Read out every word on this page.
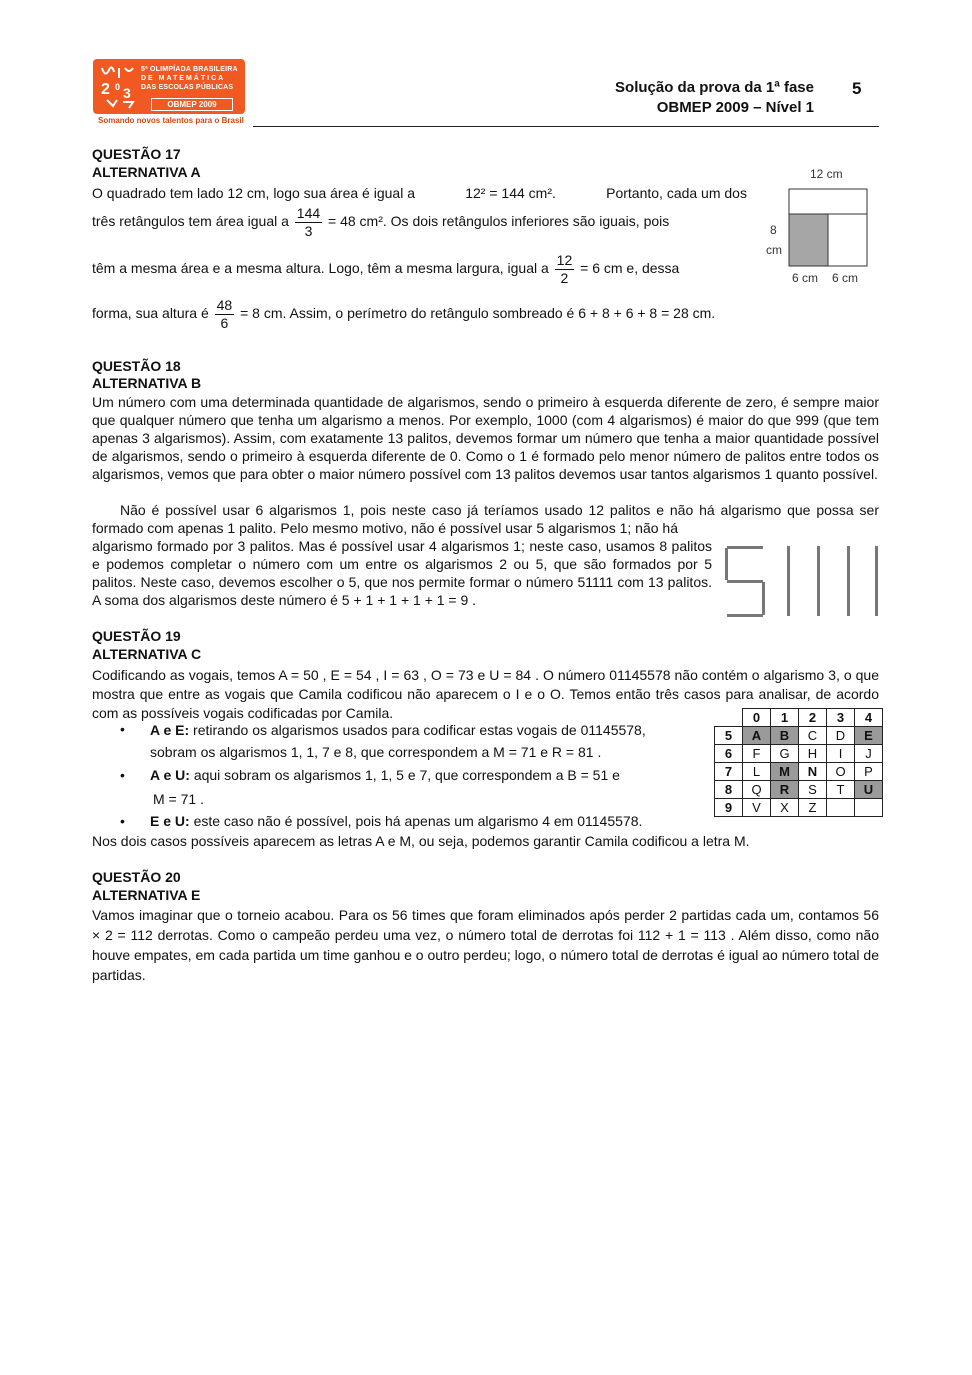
2 0 3
5ª OLIMPÍADA BRASILEIRA
DE MATEMÁTICA
DAS ESCOLAS PÚBLICAS
OBMEP 2009
Somando novos talentos para o Brasil
Solução da prova da 1ª fase
OBMEP 2009 – Nível 1
5
QUESTÃO 17
ALTERNATIVA A
O quadrado tem lado 12 cm, logo sua área é igual a	12² = 144 cm².	Portanto, cada um dos
três retângulos tem área igual a $\frac{144}{3} = 48$ cm². Os dois retângulos inferiores são iguais, pois
têm a mesma área e a mesma altura. Logo, têm a mesma largura, igual a $\frac{12}{2} = 6$ cm e, dessa
forma, sua altura é $\frac{48}{6} = 8$ cm. Assim, o perímetro do retângulo sombreado é 6 + 8 + 6 + 8 = 28 cm.
12 cm
8
cm
6 cm 6 cm
QUESTÃO 18
ALTERNATIVA B
Um número com uma determinada quantidade de algarismos, sendo o primeiro à esquerda diferente de zero, é sempre maior que qualquer número que tenha um algarismo a menos. Por exemplo, 1000 (com 4 algarismos) é maior do que 999 (que tem apenas 3 algarismos). Assim, com exatamente 13 palitos, devemos formar um número que tenha a maior quantidade possível de algarismos, sendo o primeiro à esquerda diferente de 0. Como o 1 é formado pelo menor número de palitos entre todos os algarismos, vemos que para obter o maior número possível com 13 palitos devemos usar tantos algarismos 1 quanto possível.
Não é possível usar 6 algarismos 1, pois neste caso já teríamos usado 12 palitos e não há algarismo que possa ser formado com apenas 1 palito. Pelo mesmo motivo, não é possível usar 5 algarismos 1; não há
algarismo formado por 3 palitos. Mas é possível usar 4 algarismos 1; neste caso, usamos 8 palitos e podemos completar o número com um entre os algarismos 2 ou 5, que são formados por 5 palitos. Neste caso, devemos escolher o 5, que nos permite formar o número 51111 com 13 palitos. A soma dos algarismos deste número é 5 + 1 + 1 + 1 + 1 = 9 .
QUESTÃO 19
ALTERNATIVA C
Codificando as vogais, temos A = 50 , E = 54 , I = 63 , O = 73 e U = 84 . O número 01145578 não contém o algarismo 3, o que mostra que entre as vogais que Camila codificou não aparecem o I e o O. Temos então três casos para analisar, de acordo com as possíveis vogais codificadas por Camila.
• A e E: retirando os algarismos usados para codificar estas vogais de 01145578,
sobram os algarismos 1, 1, 7 e 8, que correspondem a M = 71 e R = 81 .
• A e U: aqui sobram os algarismos 1, 1, 5 e 7, que correspondem a B = 51 e
M = 71 .
• E e U: este caso não é possível, pois há apenas um algarismo 4 em 01145578.
Nos dois casos possíveis aparecem as letras A e M, ou seja, podemos garantir Camila codificou a letra M.
	0	1	2	3	4
5	A	B	C	D	E
6	F	G	H	I	J
7	L	M	N	O	P
8	Q	R	S	T	U
9	V	X	Z		
QUESTÃO 20
ALTERNATIVA E
Vamos imaginar que o torneio acabou. Para os 56 times que foram eliminados após perder 2 partidas cada um, contamos 56 × 2 = 112 derrotas. Como o campeão perdeu uma vez, o número total de derrotas foi 112 + 1 = 113 . Além disso, como não houve empates, em cada partida um time ganhou e o outro perdeu; logo, o número total de derrotas é igual ao número total de partidas.
